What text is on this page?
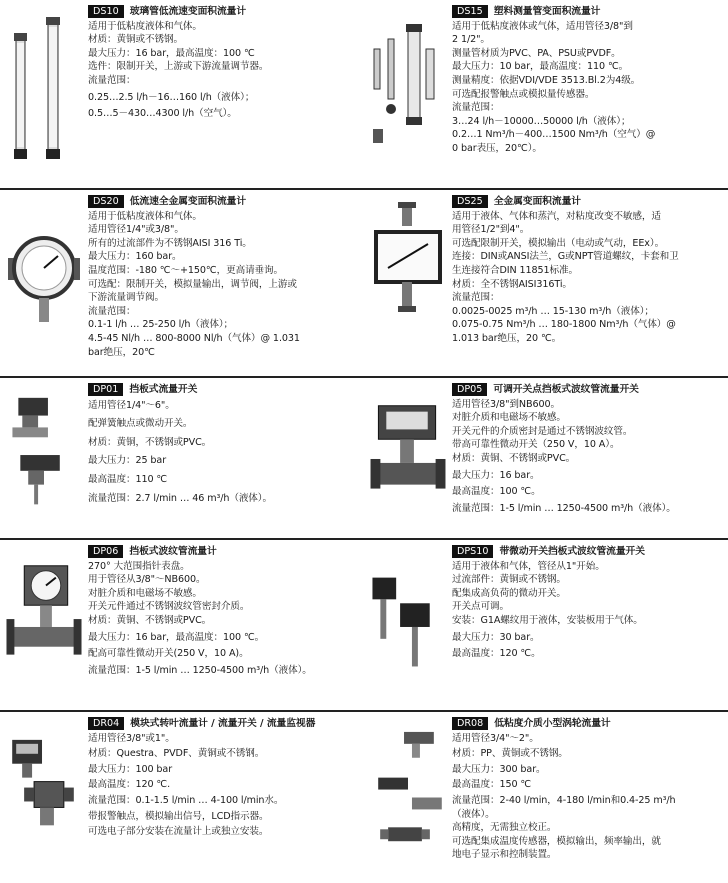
DS10	玻璃管低流速变面积流量计
适用于低粘度液体和气体。
材质：黄铜或不锈钢。
最大压力：16 bar，最高温度：100 ℃
选件：限制开关，上游或下游流量调节器。
流量范围：
0.25…2.5 l/h－16…160 l/h（液体）；
0.5…5－430…4300 l/h（空气）。
DS15	塑料测量管变面积流量计
适用于低粘度液体或气体，适用管径3/8"到
2 1/2"。
测量管材质为PVC、PA、PSU或PVDF。
最大压力：10 bar，最高温度：110 ℃。
测量精度：依据VDI/VDE 3513.Bl.2为4级。
可选配报警触点或模拟量传感器。
流量范围：
3…24 l/h－10000…50000 l/h（液体）；
0.2…1 Nm³/h－400…1500 Nm³/h（空气）@
0 bar表压，20℃）。
DS20	低流速全金属变面积流量计
适用于低粘度液体和气体。
适用管径1/4"或3/8"。
所有的过流部件为不锈钢AISI 316 Ti。
最大压力：160 bar。
温度范围：-180 ℃～+150℃，更高请垂询。
可选配：限制开关，模拟量输出，调节阀，上游或
下游流量调节阀。
流量范围：
0.1-1 l/h … 25-250 l/h（液体）；
4.5-45 Nl/h … 800-8000 Nl/h（气体）@ 1.031
bar绝压，20℃
DS25	全金属变面积流量计
适用于液体、气体和蒸汽，对粘度改变不敏感，适
用管径1/2"到4"。
可选配限制开关，模拟输出（电动或气动，EEx）。
连接：DIN或ANSI法兰，G或NPT管道螺纹，卡套和卫
生连接符合DIN 11851标准。
材质：全不锈钢AISI316Ti。
流量范围：
0.0025-0025 m³/h … 15-130 m³/h（液体）；
0.075-0.75 Nm³/h … 180-1800 Nm³/h（气体）@
1.013 bar绝压，20 ℃。
DP01	挡板式流量开关
适用管径1/4"～6"。
配弹簧触点或微动开关。
材质：黄铜，不锈钢或PVC。
最大压力：25 bar
最高温度：110 ℃
流量范围：2.7 l/min … 46 m³/h（液体）。
DP05	可调开关点挡板式波纹管流量开关
适用管径3/8"到NB600。
对脏介质和电磁场不敏感。
开关元件的介质密封是通过不锈钢波纹管。
带高可靠性微动开关（250 V，10 A）。
材质：黄铜、不锈钢或PVC。
最大压力：16 bar。
最高温度：100 ℃。
流量范围：1-5 l/min … 1250-4500 m³/h（液体）。
DP06	挡板式波纹管流量计
270° 大范围指针表盘。
用于管径从3/8"～NB600。
对脏介质和电磁场不敏感。
开关元件通过不锈钢波纹管密封介质。
材质：黄铜、不锈钢或PVC。
最大压力：16 bar，最高温度：100 ℃。
配高可靠性微动开关(250 V，10 A)。
流量范围：1-5 l/min … 1250-4500 m³/h（液体）。
DPS10	带微动开关挡板式波纹管流量开关
适用于液体和气体，管径从1"开始。
过流部件：黄铜或不锈钢。
配集成高负荷的微动开关。
开关点可调。
安装：G1A螺纹用于液体，安装板用于气体。
最大压力：30 bar。
最高温度：120 ℃。
DR04	模块式转叶流量计 / 流量开关 / 流量监视器
适用管径3/8"或1"。
材质：Questra、PVDF、黄铜或不锈钢。
最大压力：100 bar
最高温度：120 ℃.
流量范围：0.1-1.5 l/min … 4-100 l/min水。
带报警触点，模拟输出信号，LCD指示器。
可选电子部分安装在流量计上或独立安装。
DR08	低粘度介质小型涡轮流量计
适用管径3/4"～2"。
材质：PP、黄铜或不锈钢。
最大压力：300 bar。
最高温度：150 ℃
流量范围：2-40 l/min，4-180 l/min和0.4-25 m³/h
（液体）。
高精度，无需独立校正。
可选配集成温度传感器，模拟输出，频率输出，就
地电子显示和控制装置。
